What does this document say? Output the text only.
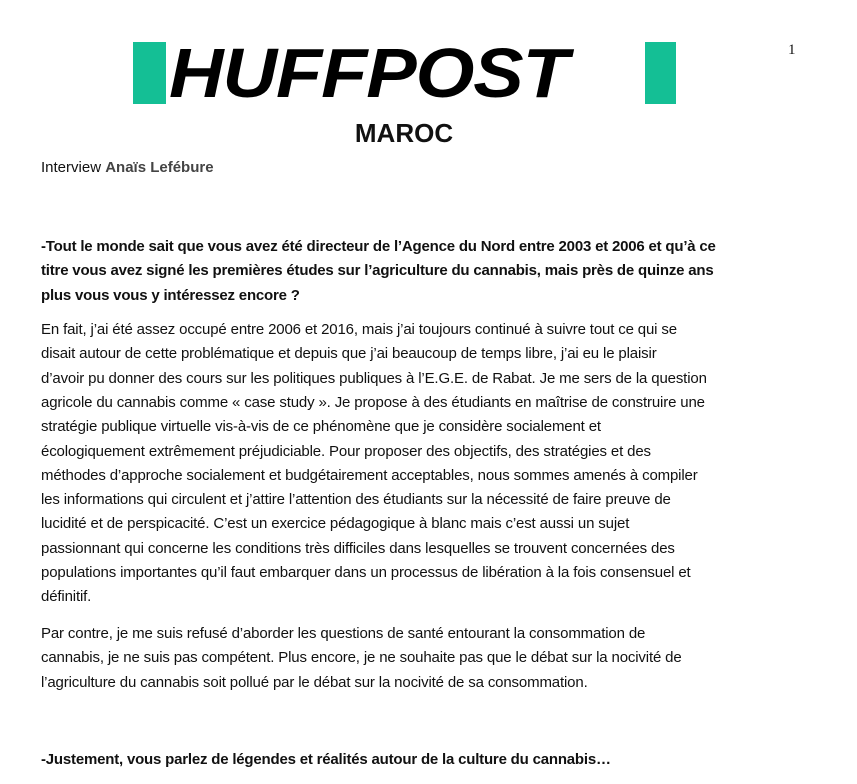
HUFFPOST
MAROC
1
Interview Anaïs Lefébure
-Tout le monde sait que vous avez été directeur de l’Agence du Nord entre 2003 et 2006 et qu’à ce
titre vous avez signé les premières études sur l’agriculture du cannabis, mais près de quinze ans
plus vous vous y intéressez encore ?
En fait, j’ai été assez occupé entre 2006 et 2016, mais j’ai toujours continué à suivre tout ce qui se
disait autour de cette problématique et depuis que j’ai beaucoup de temps libre, j’ai eu le plaisir
d’avoir pu donner des cours sur les politiques publiques à l’E.G.E. de Rabat. Je me sers de la question
agricole du cannabis comme « case study ». Je propose à des étudiants en maîtrise de construire une
stratégie publique virtuelle vis-à-vis de ce phénomène que je considère socialement et
écologiquement extrêmement préjudiciable. Pour proposer des objectifs, des stratégies et des
méthodes d’approche socialement et budgétairement acceptables, nous sommes amenés à compiler
les informations qui circulent et j’attire l’attention des étudiants sur la nécessité de faire preuve de
lucidité et de perspicacité. C’est un exercice pédagogique à blanc mais c’est aussi un sujet
passionnant qui concerne les conditions très difficiles dans lesquelles se trouvent concernées des
populations importantes qu’il faut embarquer dans un processus de libération à la fois consensuel et
définitif.
Par contre, je me suis refusé d’aborder les questions de santé entourant la consommation de
cannabis, je ne suis pas compétent. Plus encore, je ne souhaite pas que le débat sur la nocivité de
l’agriculture du cannabis soit pollué par le débat sur la nocivité de sa consommation.
-Justement, vous parlez de légendes et réalités autour de la culture du cannabis…
